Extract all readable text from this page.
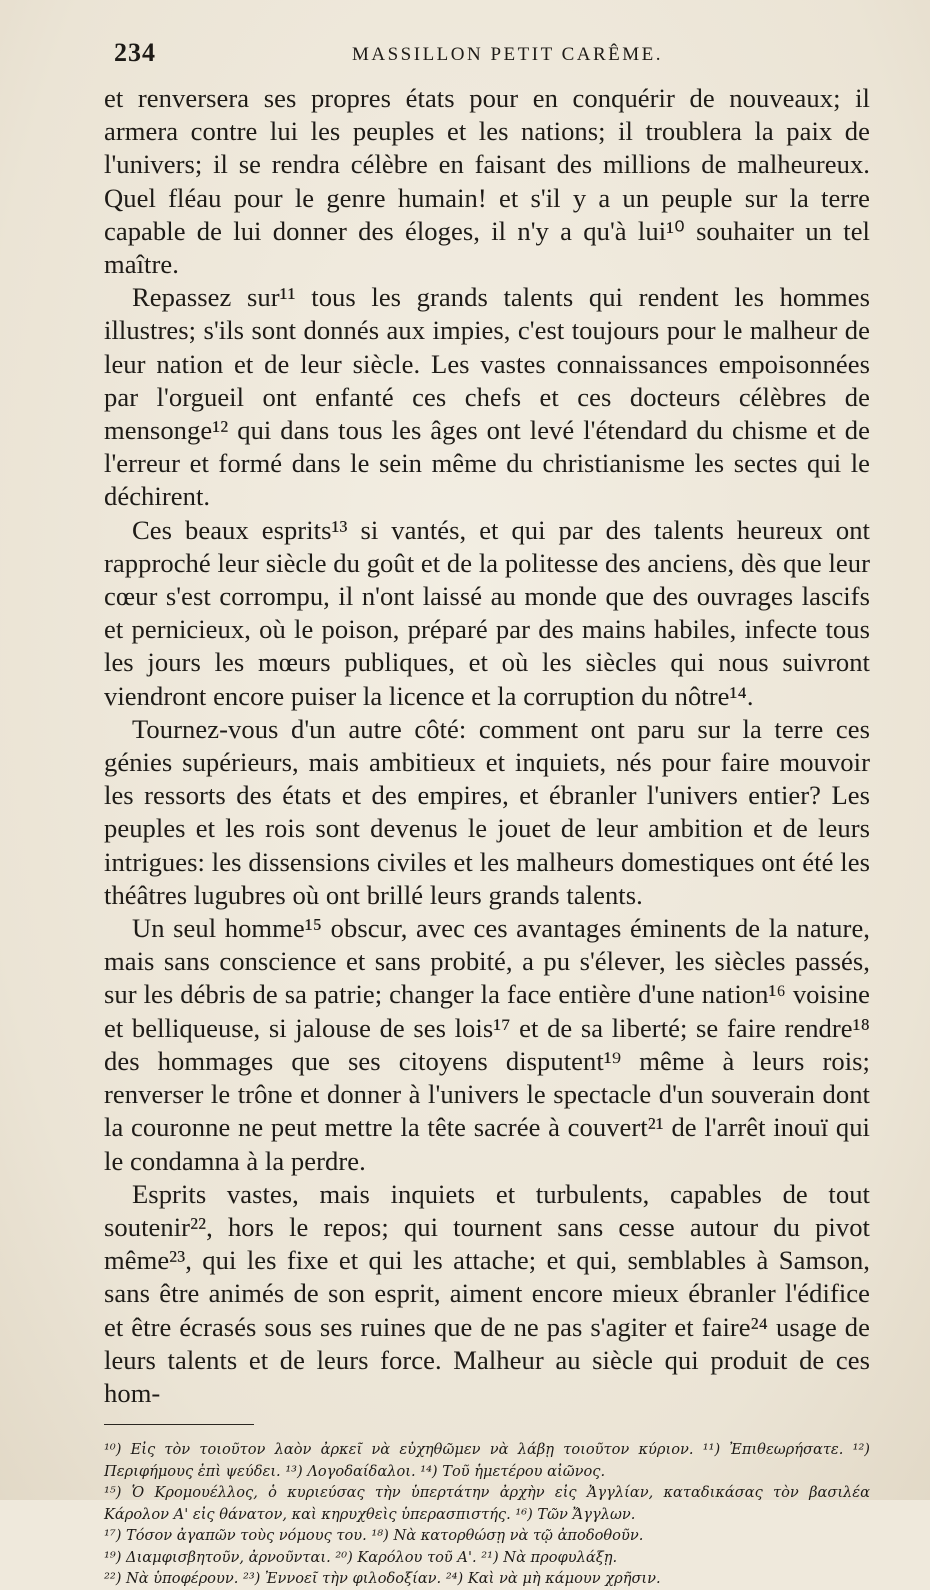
234	MASSILLON PETIT CARÊME.

et renversera ses propres états pour en conquérir de nouveaux; il armera contre lui les peuples et les nations; il troublera la paix de l'univers; il se rendra célèbre en faisant des millions de malheureux. Quel fléau pour le genre humain! et s'il y a un peuple sur la terre capable de lui donner des éloges, il n'y a qu'à lui¹⁰ souhaiter un tel maître.

Repassez sur¹¹ tous les grands talents qui rendent les hommes illustres; s'ils sont donnés aux impies, c'est toujours pour le malheur de leur nation et de leur siècle. Les vastes connaissances empoisonnées par l'orgueil ont enfanté ces chefs et ces docteurs célèbres de mensonge¹² qui dans tous les âges ont levé l'étendard du chisme et de l'erreur et formé dans le sein même du christianisme les sectes qui le déchirent.

Ces beaux esprits¹³ si vantés, et qui par des talents heureux ont rapproché leur siècle du goût et de la politesse des anciens, dès que leur cœur s'est corrompu, il n'ont laissé au monde que des ouvrages lascifs et pernicieux, où le poison, préparé par des mains habiles, infecte tous les jours les mœurs publiques, et où les siècles qui nous suivront viendront encore puiser la licence et la corruption du nôtre¹⁴.

Tournez-vous d'un autre côté: comment ont paru sur la terre ces génies supérieurs, mais ambitieux et inquiets, nés pour faire mouvoir les ressorts des états et des empires, et ébranler l'univers entier? Les peuples et les rois sont devenus le jouet de leur ambition et de leurs intrigues: les dissensions civiles et les malheurs domestiques ont été les théâtres lugubres où ont brillé leurs grands talents.

Un seul homme¹⁵ obscur, avec ces avantages éminents de la nature, mais sans conscience et sans probité, a pu s'élever, les siècles passés, sur les débris de sa patrie; changer la face entière d'une nation¹⁶ voisine et belliqueuse, si jalouse de ses lois¹⁷ et de sa liberté; se faire rendre¹⁸ des hommages que ses citoyens disputent¹⁹ même à leurs rois; renverser le trône et donner à l'univers le spectacle d'un souverain dont la couronne ne peut mettre la tête sacrée à couvert²¹ de l'arrêt inouï qui le condamna à la perdre.

Esprits vastes, mais inquiets et turbulents, capables de tout soutenir²², hors le repos; qui tournent sans cesse autour du pivot même²³, qui les fixe et qui les attache; et qui, semblables à Samson, sans être animés de son esprit, aiment encore mieux ébranler l'édifice et être écrasés sous ses ruines que de ne pas s'agiter et faire²⁴ usage de leurs talents et de leurs force. Malheur au siècle qui produit de ces hom-

¹⁰) Εἰς τὸν τοιοῦτον λαὸν ἀρκεῖ νὰ εὐχηθῶμεν νὰ λάβῃ τοιοῦτον κύριον. ¹¹) Ἐπιθεωρήσατε. ¹²) Περιφήμους ἐπὶ ψεύδει. ¹³) Λογοδαίδαλοι. ¹⁴) Τοῦ ἡμετέρου αἰῶνος.
¹⁵) Ὁ Κρομουέλλος, ὁ κυριεύσας τὴν ὑπερτάτην ἀρχὴν εἰς Ἀγγλίαν, καταδικάσας τὸν βασιλέα Κάρολον Α' εἰς θάνατον, καὶ κηρυχθεὶς ὑπερασπιστής. ¹⁶) Τῶν Ἄγγλων.
¹⁷) Τόσον ἀγαπῶν τοὺς νόμους του. ¹⁸) Νὰ κατορθώσῃ νὰ τῷ ἀποδοθοῦν.
¹⁹) Διαμφισβητοῦν, ἀρνοῦνται. ²⁰) Καρόλου τοῦ Α'. ²¹) Νὰ προφυλάξῃ.
²²) Νὰ ὑποφέρουν. ²³) Ἐννοεῖ τὴν φιλοδοξίαν. ²⁴) Καὶ νὰ μὴ κάμουν χρῆσιν.
